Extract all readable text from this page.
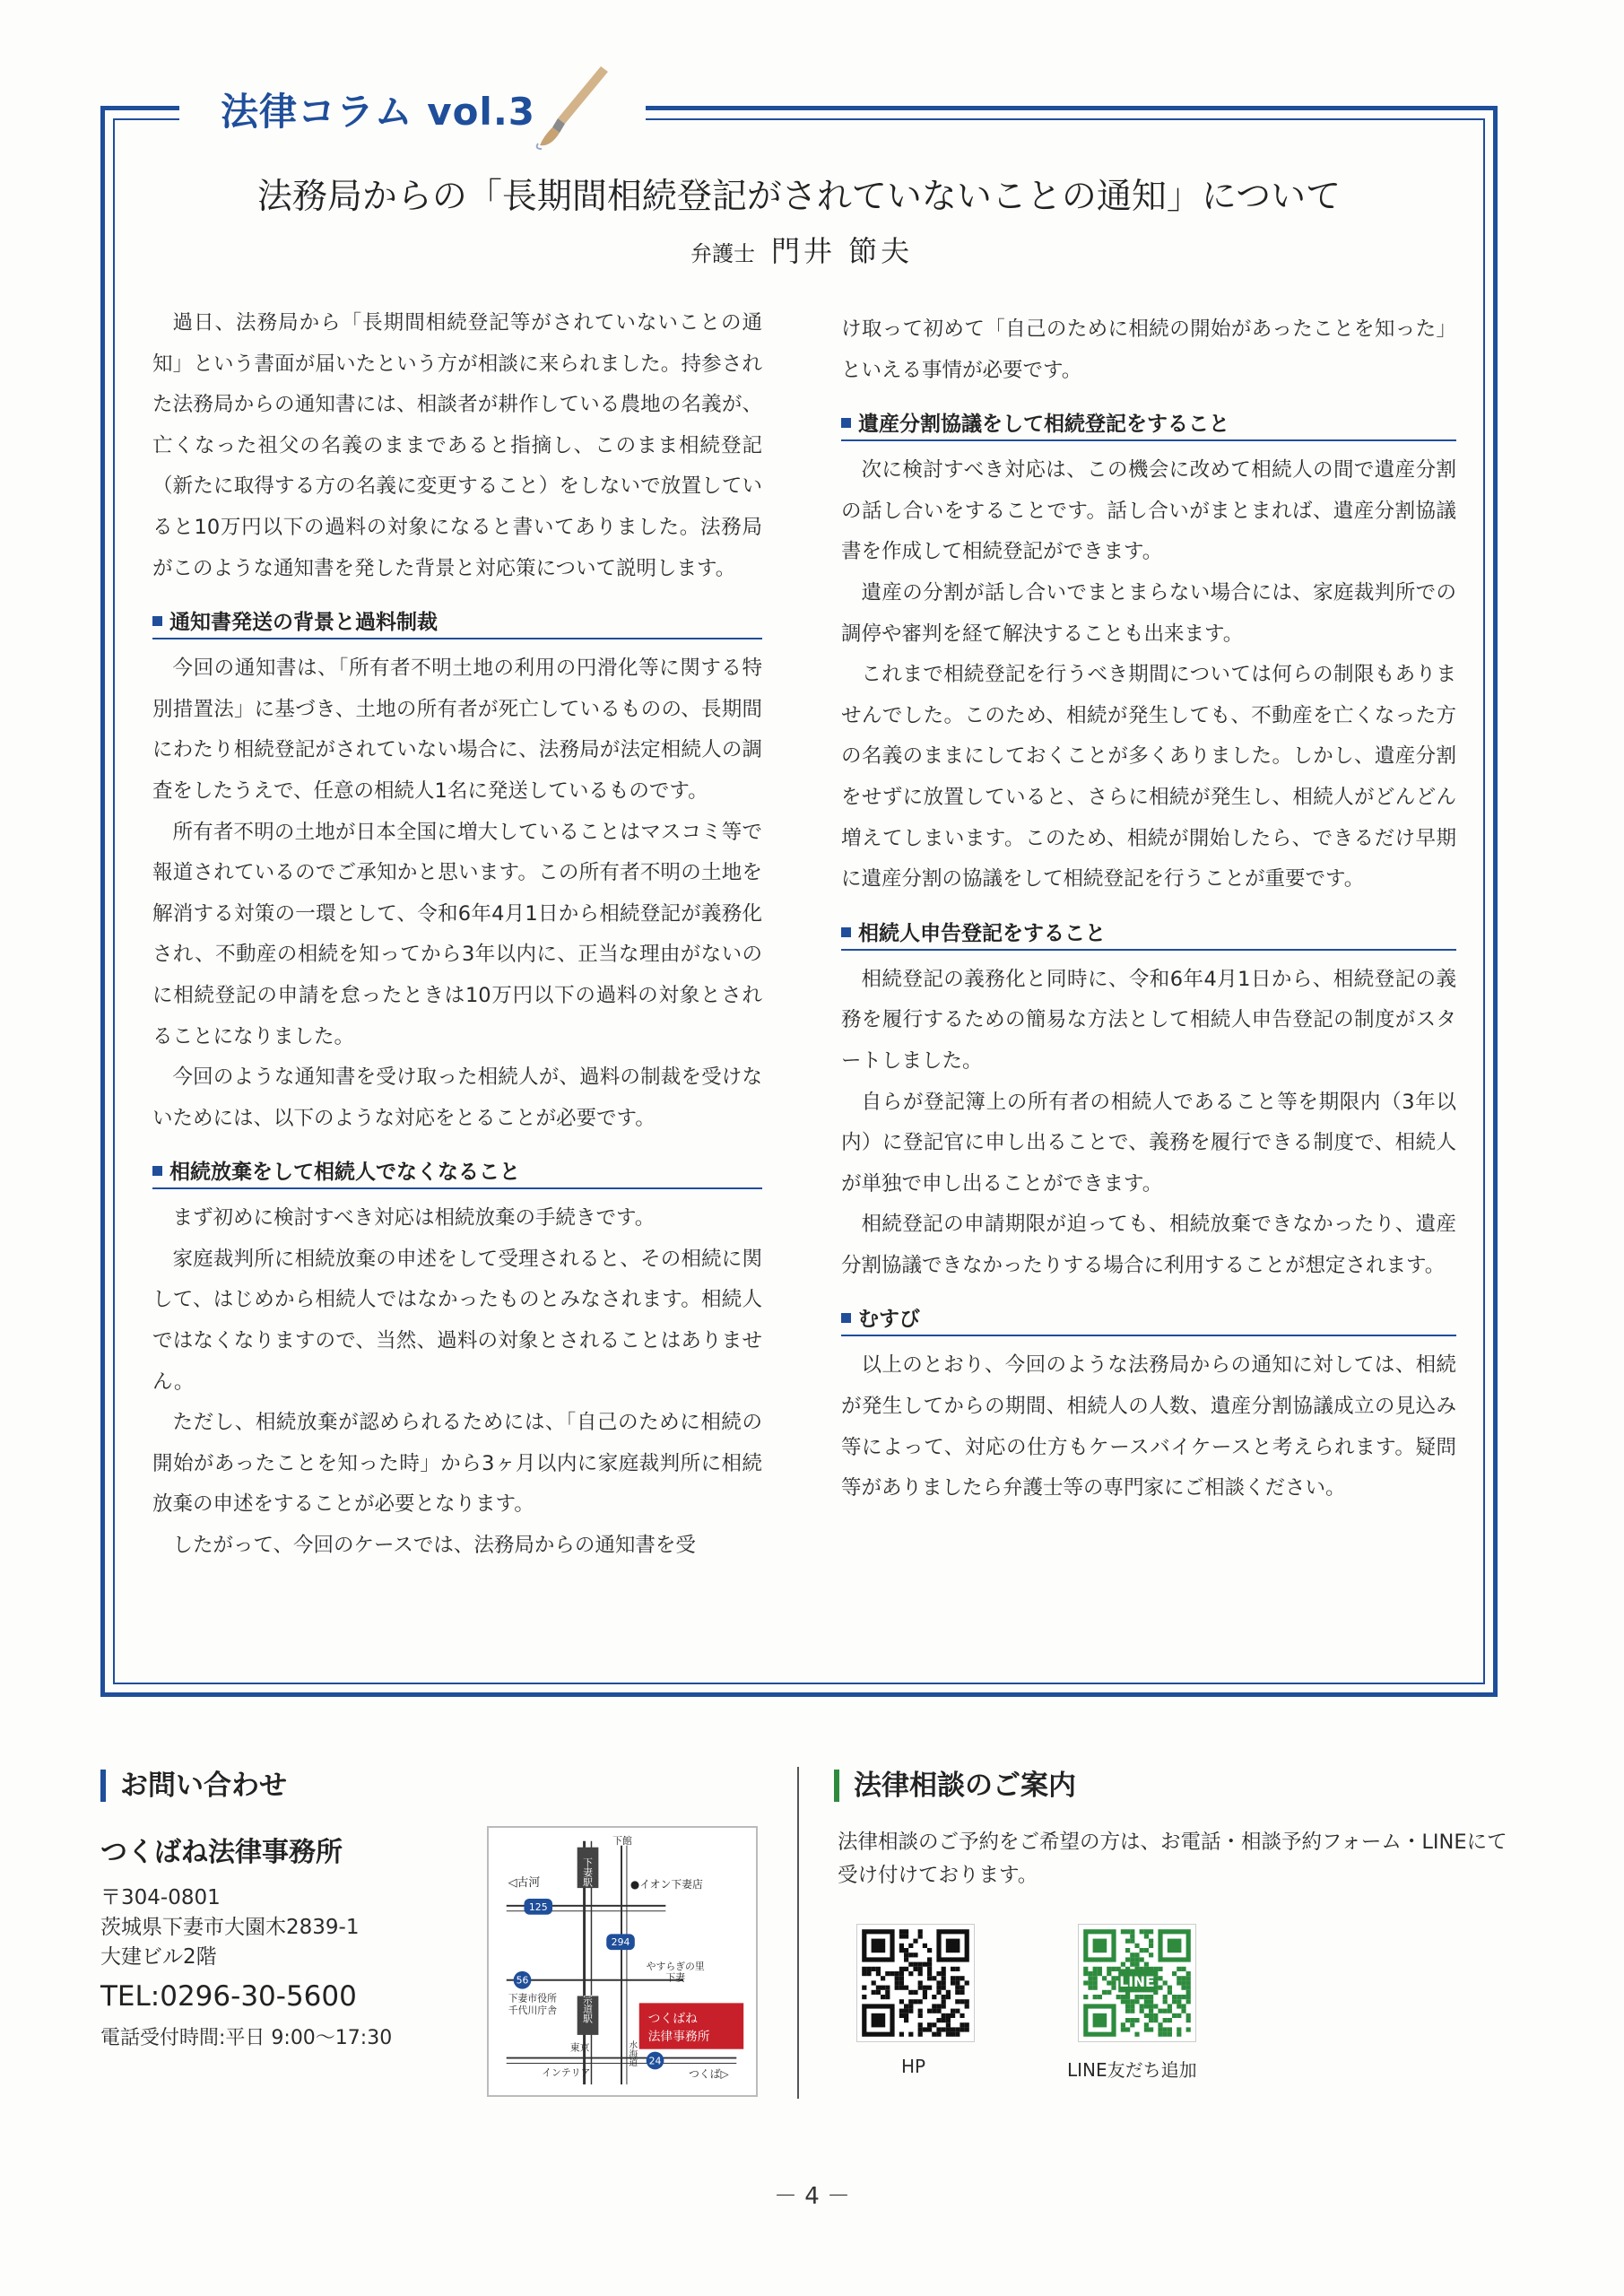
法律コラム vol.3
法務局からの「長期間相続登記がされていないことの通知」について
弁護士 門井 節夫

過日、法務局から「長期間相続登記等がされていないことの通知」という書面が届いたという方が相談に来られました。持参された法務局からの通知書には、相談者が耕作している農地の名義が、亡くなった祖父の名義のままであると指摘し、このまま相続登記（新たに取得する方の名義に変更すること）をしないで放置していると10万円以下の過料の対象になると書いてありました。法務局がこのような通知書を発した背景と対応策について説明します。

通知書発送の背景と過料制裁

今回の通知書は、「所有者不明土地の利用の円滑化等に関する特別措置法」に基づき、土地の所有者が死亡しているものの、長期間にわたり相続登記がされていない場合に、法務局が法定相続人の調査をしたうえで、任意の相続人1名に発送しているものです。

所有者不明の土地が日本全国に増大していることはマスコミ等で報道されているのでご承知かと思います。この所有者不明の土地を解消する対策の一環として、令和6年4月1日から相続登記が義務化され、不動産の相続を知ってから3年以内に、正当な理由がないのに相続登記の申請を怠ったときは10万円以下の過料の対象とされることになりました。

今回のような通知書を受け取った相続人が、過料の制裁を受けないためには、以下のような対応をとることが必要です。

相続放棄をして相続人でなくなること

まず初めに検討すべき対応は相続放棄の手続きです。

家庭裁判所に相続放棄の申述をして受理されると、その相続に関して、はじめから相続人ではなかったものとみなされます。相続人ではなくなりますので、当然、過料の対象とされることはありません。

ただし、相続放棄が認められるためには、「自己のために相続の開始があったことを知った時」から3ヶ月以内に家庭裁判所に相続放棄の申述をすることが必要となります。

したがって、今回のケースでは、法務局からの通知書を受

け取って初めて「自己のために相続の開始があったことを知った」といえる事情が必要です。

遺産分割協議をして相続登記をすること

次に検討すべき対応は、この機会に改めて相続人の間で遺産分割の話し合いをすることです。話し合いがまとまれば、遺産分割協議書を作成して相続登記ができます。

遺産の分割が話し合いでまとまらない場合には、家庭裁判所での調停や審判を経て解決することも出来ます。

これまで相続登記を行うべき期間については何らの制限もありませんでした。このため、相続が発生しても、不動産を亡くなった方の名義のままにしておくことが多くありました。しかし、遺産分割をせずに放置していると、さらに相続が発生し、相続人がどんどん増えてしまいます。このため、相続が開始したら、できるだけ早期に遺産分割の協議をして相続登記を行うことが重要です。

相続人申告登記をすること

相続登記の義務化と同時に、令和6年4月1日から、相続登記の義務を履行するための簡易な方法として相続人申告登記の制度がスタートしました。

自らが登記簿上の所有者の相続人であること等を期限内（3年以内）に登記官に申し出ることで、義務を履行できる制度で、相続人が単独で申し出ることができます。

相続登記の申請期限が迫っても、相続放棄できなかったり、遺産分割協議できなかったりする場合に利用することが想定されます。

むすび

以上のとおり、今回のような法務局からの通知に対しては、相続が発生してからの期間、相続人の人数、遺産分割協議成立の見込み等によって、対応の仕方もケースバイケースと考えられます。疑問等がありましたら弁護士等の専門家にご相談ください。

お問い合わせ
つくばね法律事務所
〒304-0801
茨城県下妻市大園木2839-1
大建ビル2階
TEL:0296-30-5600
電話受付時間:平日 9:00～17:30
下妻駅
宗道駅
125
294
56
24
◁古河
下館
●イオン下妻店
やすらぎの里
下妻
下妻市役所
千代川庁舎
つくばね
法律事務所
東京
インテリア	つくば▷
水海道
法律相談のご案内
法律相談のご予約をご希望の方は、お電話・相談予約フォーム・LINEにて受け付けております。
LINE
HP	LINE友だち追加
－ 4 －
